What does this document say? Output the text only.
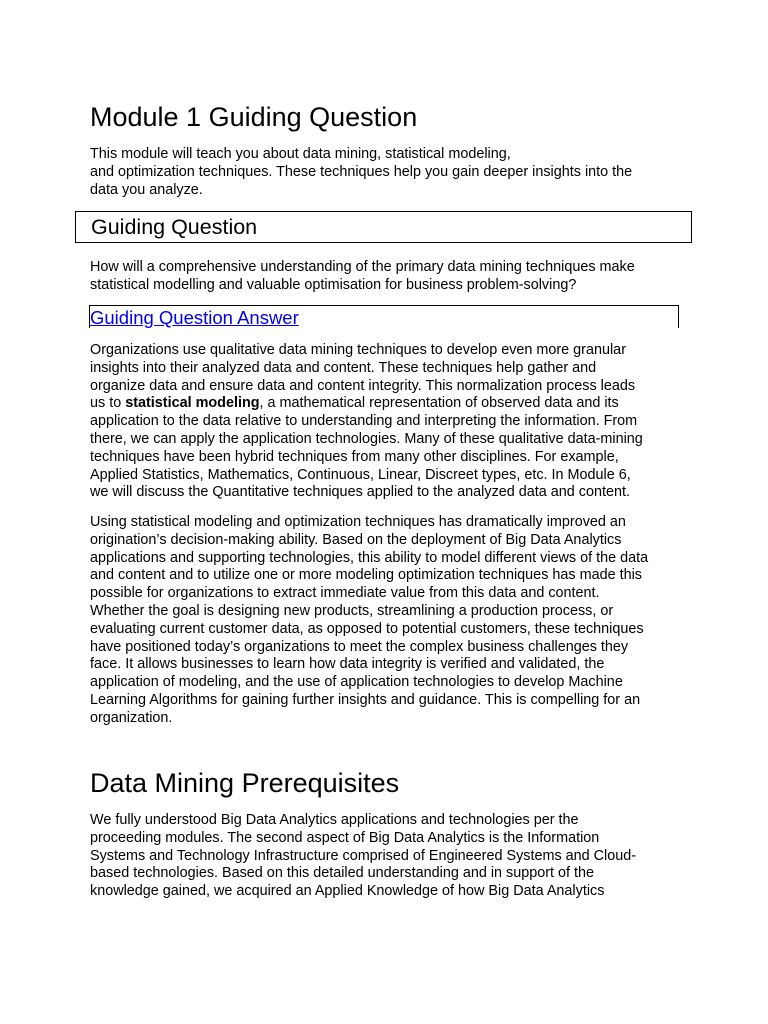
Module 1 Guiding Question

This module will teach you about data mining, statistical modeling,
and optimization techniques. These techniques help you gain deeper insights into the
data you analyze.

Guiding Question

How will a comprehensive understanding of the primary data mining techniques make
statistical modelling and valuable optimisation for business problem-solving?

Guiding Question Answer

Organizations use qualitative data mining techniques to develop even more granular
insights into their analyzed data and content. These techniques help gather and
organize data and ensure data and content integrity. This normalization process leads
us to statistical modeling, a mathematical representation of observed data and its
application to the data relative to understanding and interpreting the information. From
there, we can apply the application technologies. Many of these qualitative data-mining
techniques have been hybrid techniques from many other disciplines. For example,
Applied Statistics, Mathematics, Continuous, Linear, Discreet types, etc. In Module 6,
we will discuss the Quantitative techniques applied to the analyzed data and content.

Using statistical modeling and optimization techniques has dramatically improved an
origination’s decision-making ability. Based on the deployment of Big Data Analytics
applications and supporting technologies, this ability to model different views of the data
and content and to utilize one or more modeling optimization techniques has made this
possible for organizations to extract immediate value from this data and content.
Whether the goal is designing new products, streamlining a production process, or
evaluating current customer data, as opposed to potential customers, these techniques
have positioned today’s organizations to meet the complex business challenges they
face. It allows businesses to learn how data integrity is verified and validated, the
application of modeling, and the use of application technologies to develop Machine
Learning Algorithms for gaining further insights and guidance. This is compelling for an
organization.

Data Mining Prerequisites

We fully understood Big Data Analytics applications and technologies per the
proceeding modules. The second aspect of Big Data Analytics is the Information
Systems and Technology Infrastructure comprised of Engineered Systems and Cloud-
based technologies. Based on this detailed understanding and in support of the
knowledge gained, we acquired an Applied Knowledge of how Big Data Analytics
